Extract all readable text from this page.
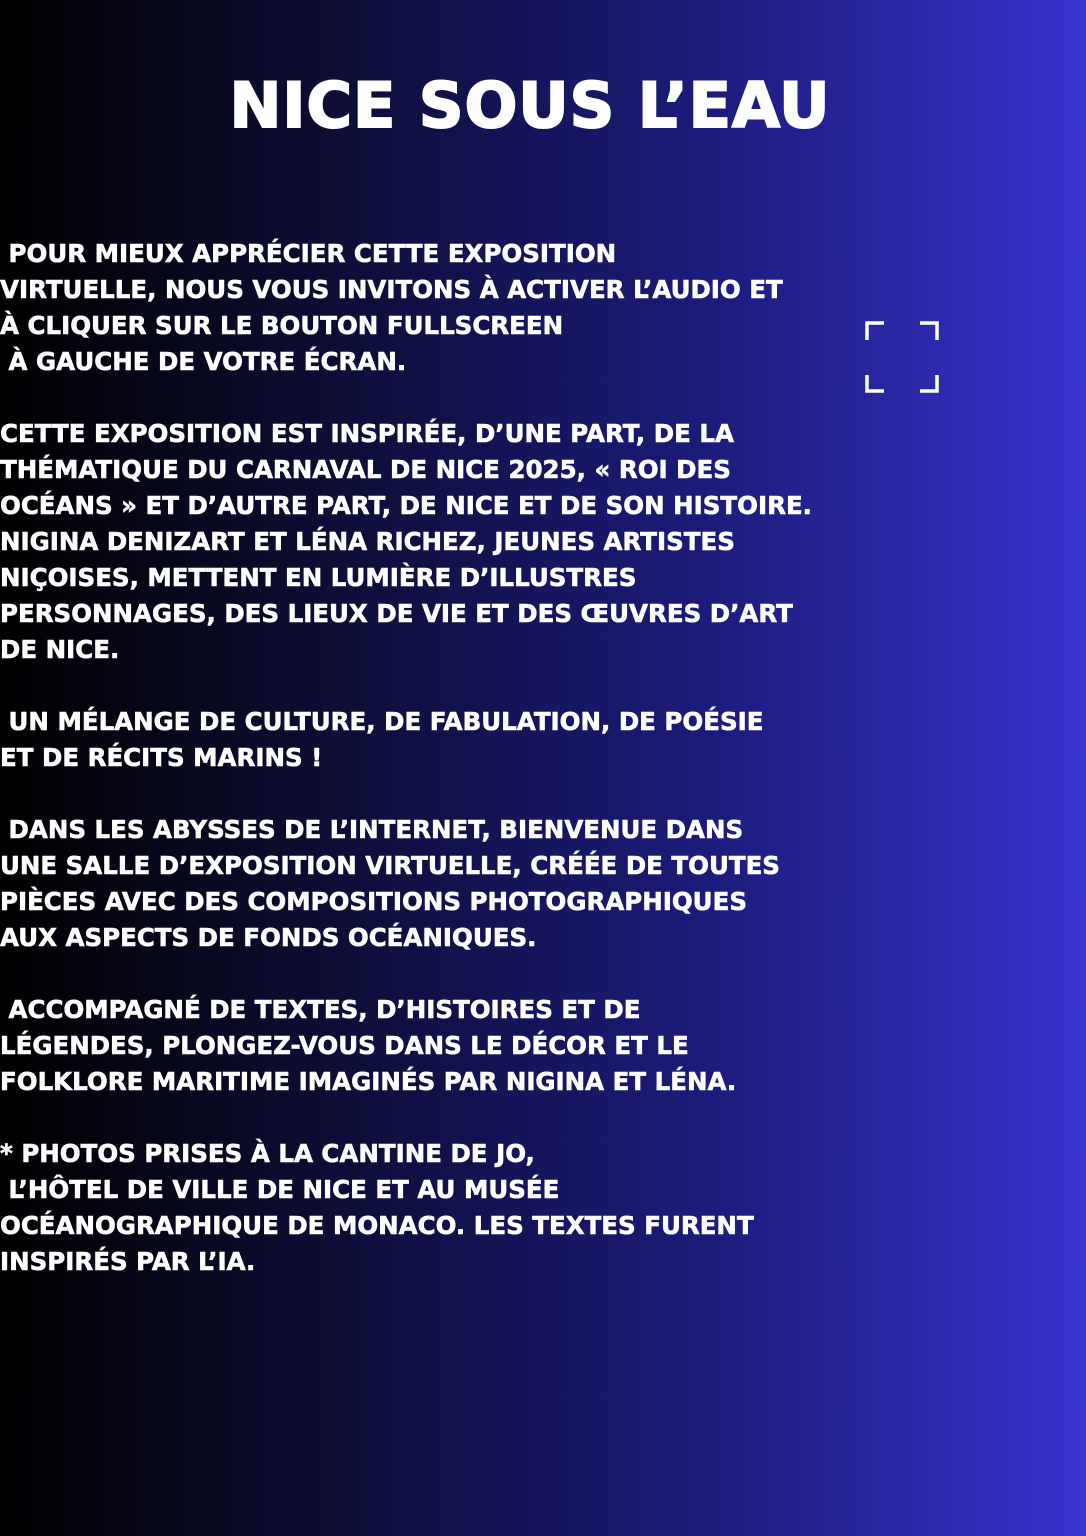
NICE SOUS L’EAU
POUR MIEUX APPRÉCIER CETTE EXPOSITION
VIRTUELLE, NOUS VOUS INVITONS À ACTIVER L’AUDIO ET
À CLIQUER SUR LE BOUTON FULLSCREEN
À GAUCHE DE VOTRE ÉCRAN.
CETTE EXPOSITION EST INSPIRÉE, D’UNE PART, DE LA
THÉMATIQUE DU CARNAVAL DE NICE 2025, « ROI DES
OCÉANS » ET D’AUTRE PART, DE NICE ET DE SON HISTOIRE.
NIGINA DENIZART ET LÉNA RICHEZ, JEUNES ARTISTES
NIÇOISES, METTENT EN LUMIÈRE D’ILLUSTRES
PERSONNAGES, DES LIEUX DE VIE ET DES ŒUVRES D’ART
DE NICE.
UN MÉLANGE DE CULTURE, DE FABULATION, DE POÉSIE
ET DE RÉCITS MARINS !
DANS LES ABYSSES DE L’INTERNET, BIENVENUE DANS
UNE SALLE D’EXPOSITION VIRTUELLE, CRÉÉE DE TOUTES
PIÈCES AVEC DES COMPOSITIONS PHOTOGRAPHIQUES
AUX ASPECTS DE FONDS OCÉANIQUES.
ACCOMPAGNÉ DE TEXTES, D’HISTOIRES ET DE
LÉGENDES, PLONGEZ-VOUS DANS LE DÉCOR ET LE
FOLKLORE MARITIME IMAGINÉS PAR NIGINA ET LÉNA.
* PHOTOS PRISES À LA CANTINE DE JO,
L’HÔTEL DE VILLE DE NICE ET AU MUSÉE
OCÉANOGRAPHIQUE DE MONACO. LES TEXTES FURENT
INSPIRÉS PAR L’IA.
